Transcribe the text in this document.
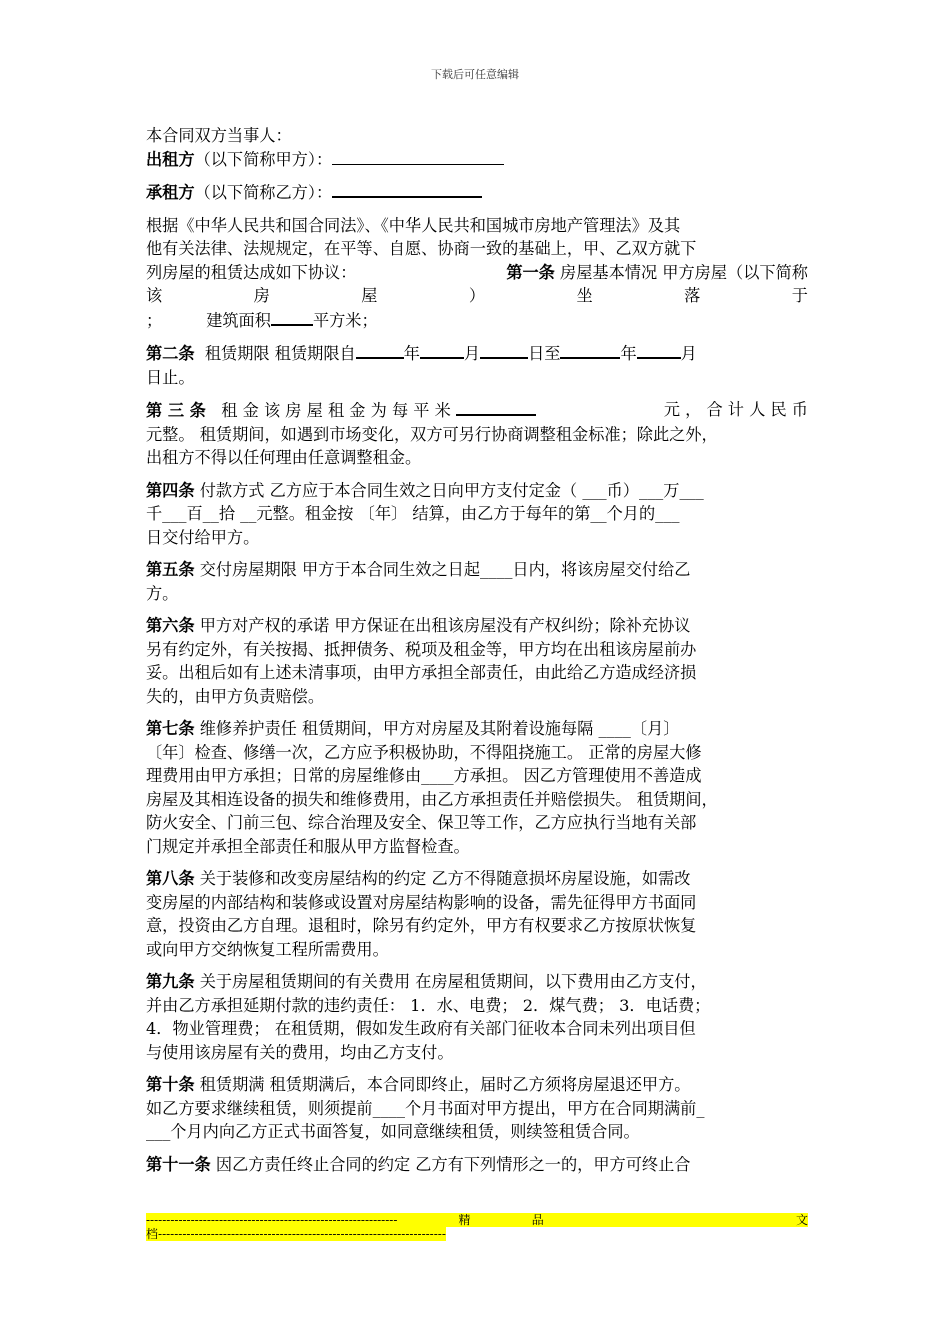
下载后可任意编辑

本合同双方当事人：

出租方（以下简称甲方）：

承租方（以下简称乙方）：

根据《中华人民共和国合同法》、《中华人民共和国城市房地产管理法》及其
他有关法律、法规规定，在平等、自愿、协商一致的基础上，甲、乙双方就下
列房屋的租赁达成如下协议：	第一条 房屋基本情况 甲方房屋（以下简称
该	房	屋	）	坐	落	于
；	建筑面积	平方米；

第二条 租赁期限 租赁期限自	年	月	日至	年	月
日止。

第 三 条 租 金 该 房 屋 租 金 为 每 平 米	元 ， 合 计 人 民 币
元整。 租赁期间，如遇到市场变化，双方可另行协商调整租金标准；除此之外，
出租方不得以任何理由任意调整租金。

第四条 付款方式 乙方应于本合同生效之日向甲方支付定金（ ___币）___万___
千___百__拾 __元整。租金按 〔年〕 结算，由乙方于每年的第__个月的___
日交付给甲方。

第五条 交付房屋期限 甲方于本合同生效之日起____日内，将该房屋交付给乙
方。

第六条 甲方对产权的承诺 甲方保证在出租该房屋没有产权纠纷；除补充协议
另有约定外，有关按揭、抵押债务、税项及租金等，甲方均在出租该房屋前办
妥。出租后如有上述未清事项，由甲方承担全部责任，由此给乙方造成经济损
失的，由甲方负责赔偿。

第七条 维修养护责任 租赁期间，甲方对房屋及其附着设施每隔 ____〔月〕
〔年〕检查、修缮一次，乙方应予积极协助，不得阻挠施工。 正常的房屋大修
理费用由甲方承担；日常的房屋维修由____方承担。 因乙方管理使用不善造成
房屋及其相连设备的损失和维修费用，由乙方承担责任并赔偿损失。 租赁期间，
防火安全、门前三包、综合治理及安全、保卫等工作，乙方应执行当地有关部
门规定并承担全部责任和服从甲方监督检查。

第八条 关于装修和改变房屋结构的约定 乙方不得随意损坏房屋设施，如需改
变房屋的内部结构和装修或设置对房屋结构影响的设备，需先征得甲方书面同
意，投资由乙方自理。退租时，除另有约定外，甲方有权要求乙方按原状恢复
或向甲方交纳恢复工程所需费用。

第九条 关于房屋租赁期间的有关费用 在房屋租赁期间，以下费用由乙方支付，
并由乙方承担延期付款的违约责任： 1．水、电费； 2．煤气费； 3．电话费；
4．物业管理费； 在租赁期，假如发生政府有关部门征收本合同未列出项目但
与使用该房屋有关的费用，均由乙方支付。

第十条 租赁期满 租赁期满后，本合同即终止，届时乙方须将房屋退还甲方。
如乙方要求继续租赁，则须提前____个月书面对甲方提出，甲方在合同期满前_
___个月内向乙方正式书面答复，如同意继续租赁，则续签租赁合同。

第十一条 因乙方责任终止合同的约定 乙方有下列情形之一的，甲方可终止合

--------------------------------------------------------------	精	品	文
档-----------------------------------------------------------------------
